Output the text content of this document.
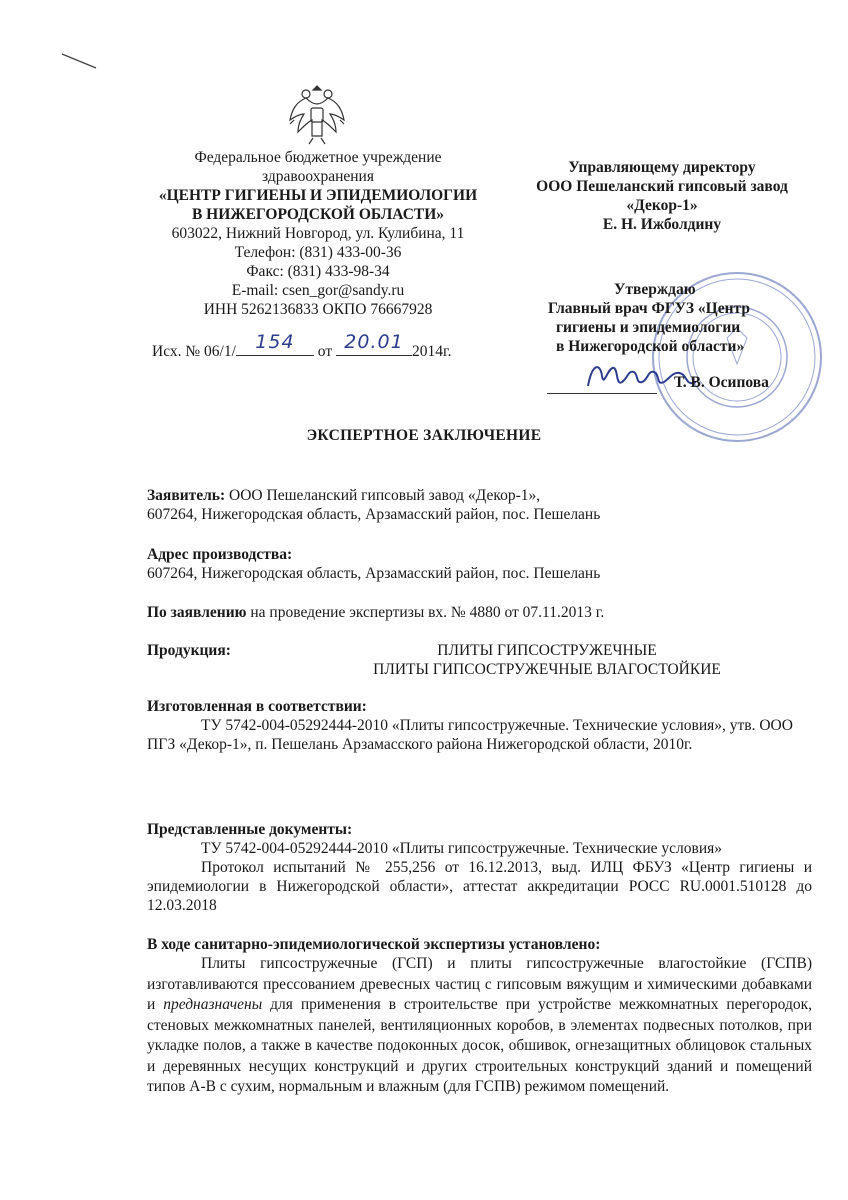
Федеральное бюджетное учреждение
здравоохранения
«ЦЕНТР ГИГИЕНЫ И ЭПИДЕМИОЛОГИИ
В НИЖЕГОРОДСКОЙ ОБЛАСТИ»
603022, Нижний Новгород, ул. Кулибина, 11
Телефон: (831) 433-00-36
Факс: (831) 433-98-34
E-mail: csen_gor@sandy.ru
ИНН 5262136833 ОКПО 76667928
Исх. № 06/1/	154	от 20.01 2014г.
Управляющему директору
ООО Пешеланский гипсовый завод
«Декор-1»
Е. Н. Ижболдину
Утверждаю
Главный врач ФГУЗ «Центр
гигиены и эпидемиологии
в Нижегородской области»
Т. В. Осипова
ЭКСПЕРТНОЕ ЗАКЛЮЧЕНИЕ
Заявитель: ООО Пешеланский гипсовый завод «Декор-1»,
607264, Нижегородская область, Арзамасский район, пос. Пешелань
Адрес производства:
607264, Нижегородская область, Арзамасский район, пос. Пешелань
По заявлению на проведение экспертизы вх. № 4880 от 07.11.2013 г.
Продукция:	ПЛИТЫ ГИПСОСТРУЖЕЧНЫЕ
ПЛИТЫ ГИПСОСТРУЖЕЧНЫЕ ВЛАГОСТОЙКИЕ
Изготовленная в соответствии:
ТУ 5742-004-05292444-2010 «Плиты гипсостружечные. Технические условия», утв. ООО ПГЗ «Декор-1», п. Пешелань Арзамасского района Нижегородской области, 2010г.
Представленные документы:
ТУ 5742-004-05292444-2010 «Плиты гипсостружечные. Технические условия»
Протокол испытаний № 255,256 от 16.12.2013, выд. ИЛЦ ФБУЗ «Центр гигиены и эпидемиологии в Нижегородской области», аттестат аккредитации РОСС RU.0001.510128 до 12.03.2018
В ходе санитарно-эпидемиологической экспертизы установлено:
Плиты гипсостружечные (ГСП) и плиты гипсостружечные влагостойкие (ГСПВ) изготавливаются прессованием древесных частиц с гипсовым вяжущим и химическими добавками и предназначены для применения в строительстве при устройстве межкомнатных перегородок, стеновых межкомнатных панелей, вентиляционных коробов, в элементах подвесных потолков, при укладке полов, а также в качестве подоконных досок, обшивок, огнезащитных облицовок стальных и деревянных несущих конструкций и других строительных конструкций зданий и помещений типов А-В с сухим, нормальным и влажным (для ГСПВ) режимом помещений.
